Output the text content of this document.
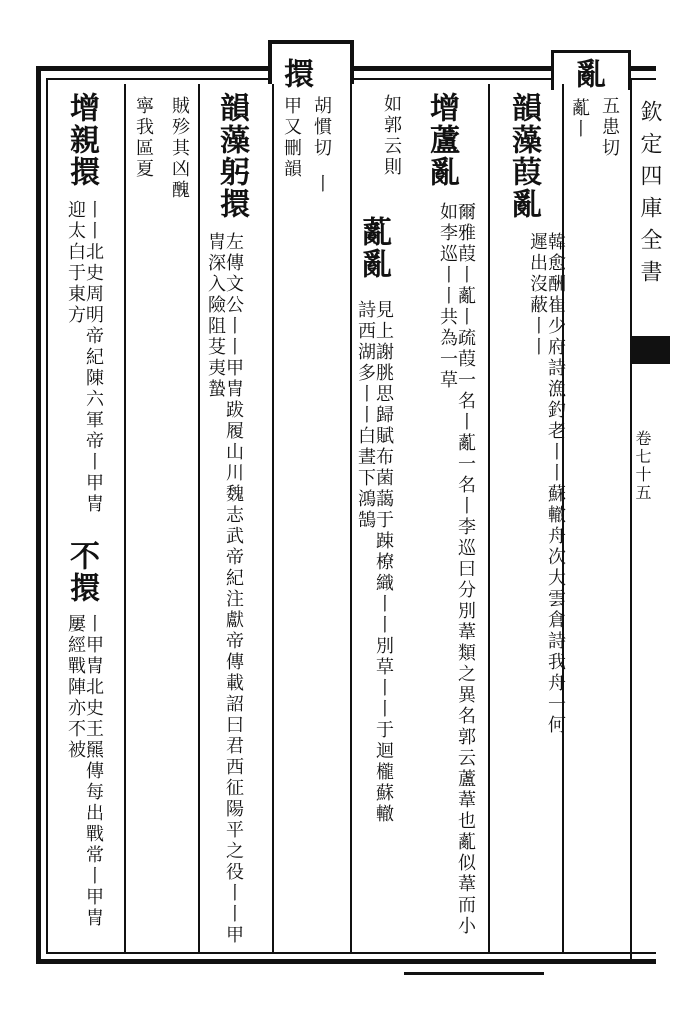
欽定四庫全書
卷七十五
亂
五患切
薍丨
韻藻葭亂
韓愈酬崔少府詩漁釣老丨丨蘇轍舟次大雲倉詩我舟一何遲出沒蔽丨丨
增蘆亂
爾雅葭丨薍丨疏葭一名丨薍一名丨李巡曰分別葦類之異名郭云蘆葦也薍似葦而小如李巡丨丨共為一草
如郭云則
薍亂
見上謝朓思歸賦布菌藹于踈橑織丨丨別草丨丨于迴櫳蘇轍詩西湖多丨丨白晝下鴻鵠
擐
胡慣切
甲又刪韻
丨
韻藻躬擐
左傳文公丨丨甲冑跋履山川魏志武帝紀注獻帝傳載詔曰君西征陽平之役丨丨甲冑深入險阻芟夷蟄
賊殄其凶醜
寧我區夏
增親擐
丨丨北史周明帝紀陳六軍帝丨甲冑迎太白于東方
不擐
丨甲冑北史王羆傳每出戰常丨甲冑屢經戰陣亦不被
